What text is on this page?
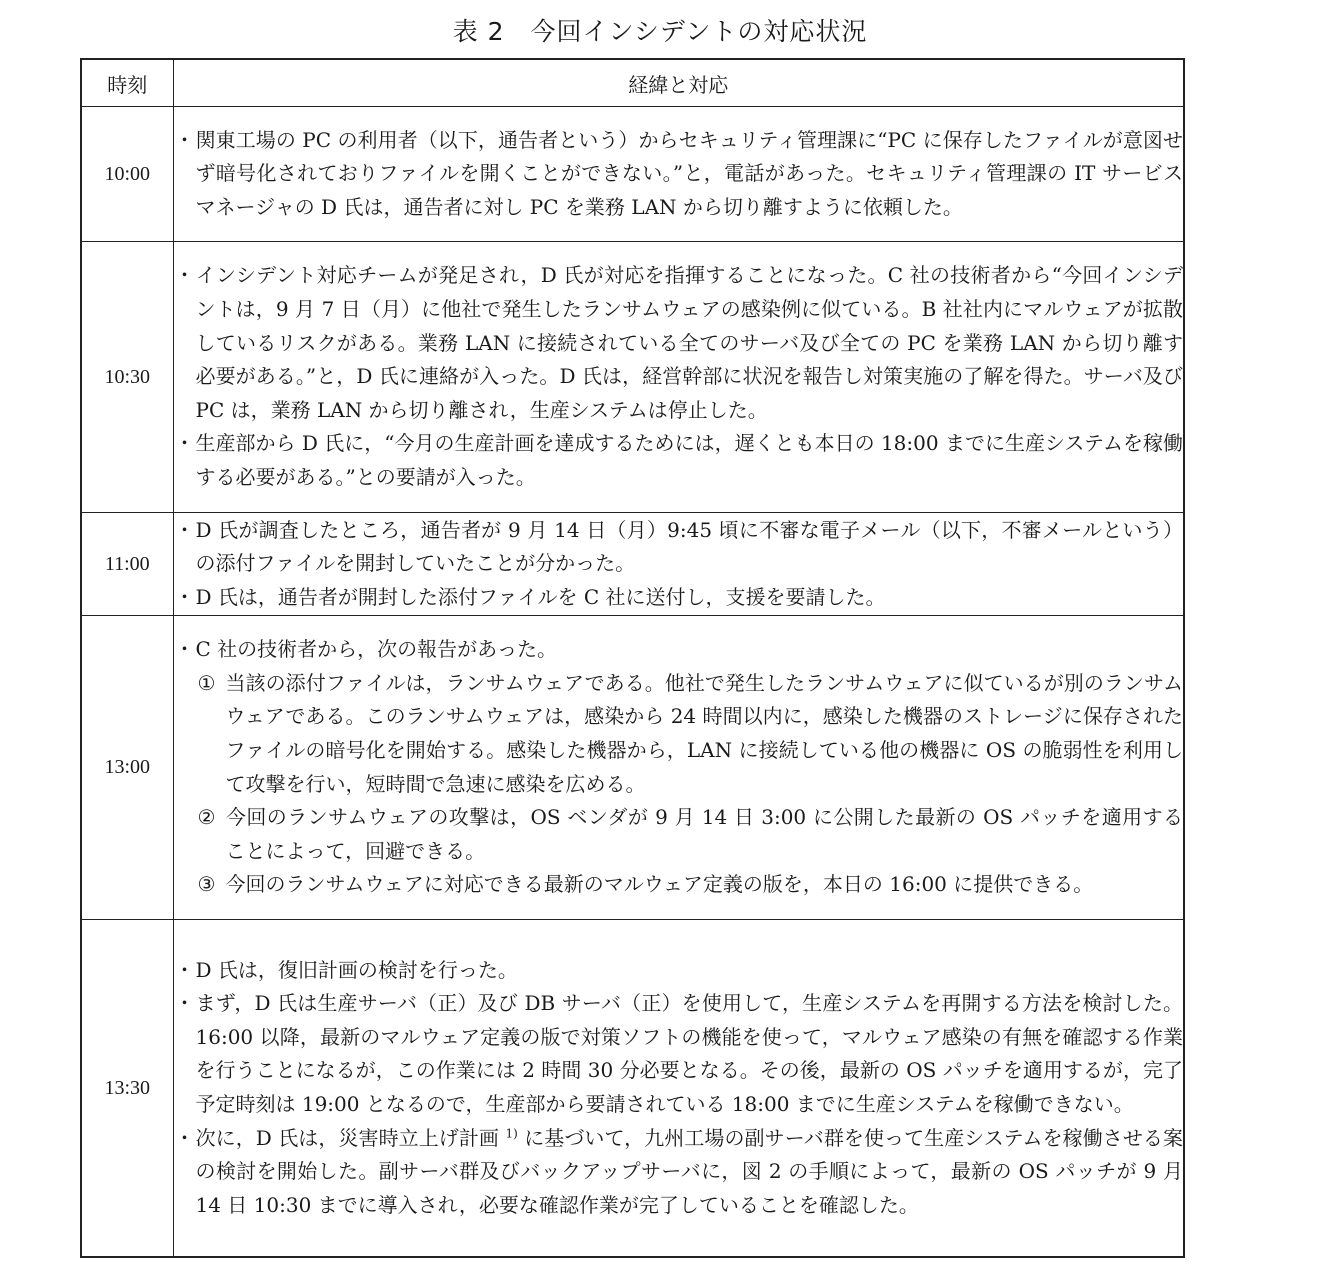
表 2 今回インシデントの対応状況
時刻	経緯と対応
10:00	・関東工場の PC の利用者（以下，通告者という）からセキュリティ管理課に“PC に保存したファイルが意図せず暗号化されておりファイルを開くことができない。”と，電話があった。セキュリティ管理課の IT サービスマネージャの D 氏は，通告者に対し PC を業務 LAN から切り離すように依頼した。

10:30	・インシデント対応チームが発足され，D 氏が対応を指揮することになった。C 社の技術者から“今回インシデントは，9 月 7 日（月）に他社で発生したランサムウェアの感染例に似ている。B 社社内にマルウェアが拡散しているリスクがある。業務 LAN に接続されている全てのサーバ及び全ての PC を業務 LAN から切り離す必要がある。”と，D 氏に連絡が入った。D 氏は，経営幹部に状況を報告し対策実施の了解を得た。サーバ及び PC は，業務 LAN から切り離され，生産システムは停止した。

・生産部から D 氏に，“今月の生産計画を達成するためには，遅くとも本日の 18:00 までに生産システムを稼働する必要がある。”との要請が入った。

11:00	・D 氏が調査したところ，通告者が 9 月 14 日（月）9:45 頃に不審な電子メール（以下，不審メールという）の添付ファイルを開封していたことが分かった。

・D 氏は，通告者が開封した添付ファイルを C 社に送付し，支援を要請した。

13:00	・C 社の技術者から，次の報告があった。

① 当該の添付ファイルは，ランサムウェアである。他社で発生したランサムウェアに似ているが別のランサムウェアである。このランサムウェアは，感染から 24 時間以内に，感染した機器のストレージに保存されたファイルの暗号化を開始する。感染した機器から，LAN に接続している他の機器に OS の脆弱性を利用して攻撃を行い，短時間で急速に感染を広める。

② 今回のランサムウェアの攻撃は，OS ベンダが 9 月 14 日 3:00 に公開した最新の OS パッチを適用することによって，回避できる。

③ 今回のランサムウェアに対応できる最新のマルウェア定義の版を，本日の 16:00 に提供できる。

13:30	・D 氏は，復旧計画の検討を行った。

・まず，D 氏は生産サーバ（正）及び DB サーバ（正）を使用して，生産システムを再開する方法を検討した。16:00 以降，最新のマルウェア定義の版で対策ソフトの機能を使って，マルウェア感染の有無を確認する作業を行うことになるが，この作業には 2 時間 30 分必要となる。その後，最新の OS パッチを適用するが，完了予定時刻は 19:00 となるので，生産部から要請されている 18:00 までに生産システムを稼働できない。

・次に，D 氏は，災害時立上げ計画 $^{1)}$ に基づいて，九州工場の副サーバ群を使って生産システムを稼働させる案の検討を開始した。副サーバ群及びバックアップサーバに，図 2 の手順によって，最新の OS パッチが 9 月 14 日 10:30 までに導入され，必要な確認作業が完了していることを確認した。
